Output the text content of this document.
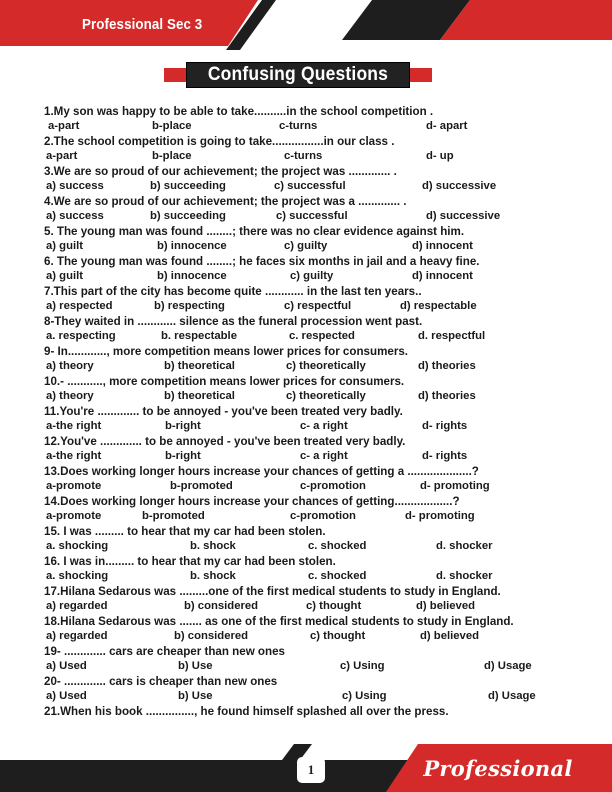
Professional Sec 3
Confusing Questions
1.My son was happy to be able to take..........in the school competition .
a-part	b-place	c-turns	d- apart
2.The school competition is going to take................in our class .
a-part	b-place	c-turns	d- up
3.We are so proud of our achievement; the project was ............. .
a) success	b) succeeding	c) successful	d) successive
4.We are so proud of our achievement; the project was a ............. .
a) success	b) succeeding	c) successful	d) successive
5. The young man was found ........; there was no clear evidence against him.
a) guilt	b) innocence	c) guilty	d) innocent
6. The young man was found ........; he faces six months in jail and a heavy fine.
a) guilt	b) innocence	c) guilty	d) innocent
7.This part of the city has become quite ............ in the last ten years..
a) respected	b) respecting	c) respectful	d) respectable
8-They waited in ............ silence as the funeral procession went past.
a. respecting	b. respectable	c. respected	d. respectful
9- In............, more competition means lower prices for consumers.
a) theory	b) theoretical	c) theoretically	d) theories
10.- ..........., more competition means lower prices for consumers.
a) theory	b) theoretical	c) theoretically	d) theories
11.You're ............. to be annoyed - you've been treated very badly.
a-the right	b-right	c- a right	d- rights
12.You've ............. to be annoyed - you've been treated very badly.
a-the right	b-right	c- a right	d- rights
13.Does working longer hours increase your chances of getting a ....................?
a-promote	b-promoted	c-promotion	d- promoting
14.Does working longer hours increase your chances of getting..................?
a-promote	b-promoted	c-promotion	d- promoting
15. I was ......... to hear that my car had been stolen.
a. shocking	b. shock	c. shocked	d. shocker
16. I was in......... to hear that my car had been stolen.
a. shocking	b. shock	c. shocked	d. shocker
17.Hilana Sedarous was .........one of the first medical students to study in England.
a) regarded	b) considered	c) thought	d) believed
18.Hilana Sedarous was ....... as one of the first medical students to study in England.
a) regarded	b) considered	c) thought	d) believed
19- ............. cars are cheaper than new ones
a) Used	b) Use	c) Using	d) Usage
20- ............. cars is cheaper than new ones
a) Used	b) Use	c) Using	d) Usage
21.When his book ..............., he found himself splashed all over the press.
1	Professional
